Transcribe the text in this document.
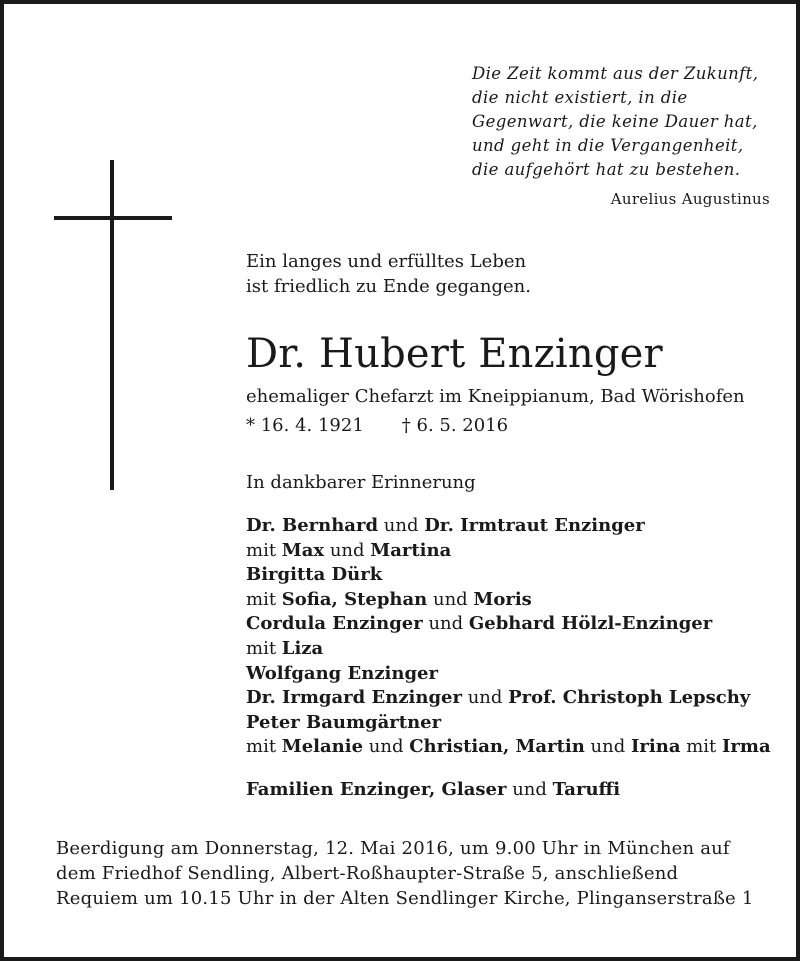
Die Zeit kommt aus der Zukunft,
die nicht existiert, in die
Gegenwart, die keine Dauer hat,
und geht in die Vergangenheit,
die aufgehört hat zu bestehen.
Aurelius Augustinus
Ein langes und erfülltes Leben
ist friedlich zu Ende gegangen.
Dr. Hubert Enzinger
ehemaliger Chefarzt im Kneippianum, Bad Wörishofen
* 16. 4. 1921 † 6. 5. 2016
In dankbarer Erinnerung
Dr. Bernhard und Dr. Irmtraut Enzinger
mit Max und Martina
Birgitta Dürk
mit Sofia, Stephan und Moris
Cordula Enzinger und Gebhard Hölzl-Enzinger
mit Liza
Wolfgang Enzinger
Dr. Irmgard Enzinger und Prof. Christoph Lepschy
Peter Baumgärtner
mit Melanie und Christian, Martin und Irina mit Irma
Familien Enzinger, Glaser und Taruffi
Beerdigung am Donnerstag, 12. Mai 2016, um 9.00 Uhr in München auf
dem Friedhof Sendling, Albert-Roßhaupter-Straße 5, anschließend
Requiem um 10.15 Uhr in der Alten Sendlinger Kirche, Plinganserstraße 1
